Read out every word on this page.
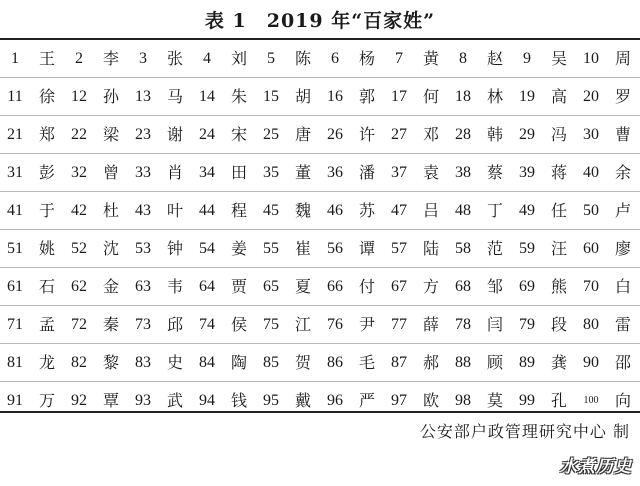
表 1　2019 年“百家姓”
1	王	2	李	3	张	4	刘	5	陈	6	杨	7	黄	8	赵	9	吴	10	周
11	徐	12	孙	13	马	14	朱	15	胡	16	郭	17	何	18	林	19	高	20	罗
21	郑	22	梁	23	谢	24	宋	25	唐	26	许	27	邓	28	韩	29	冯	30	曹
31	彭	32	曾	33	肖	34	田	35	董	36	潘	37	袁	38	蔡	39	蒋	40	余
41	于	42	杜	43	叶	44	程	45	魏	46	苏	47	吕	48	丁	49	任	50	卢
51	姚	52	沈	53	钟	54	姜	55	崔	56	谭	57	陆	58	范	59	汪	60	廖
61	石	62	金	63	韦	64	贾	65	夏	66	付	67	方	68	邹	69	熊	70	白
71	孟	72	秦	73	邱	74	侯	75	江	76	尹	77	薛	78	闫	79	段	80	雷
81	龙	82	黎	83	史	84	陶	85	贺	86	毛	87	郝	88	顾	89	龚	90	邵
91	万	92	覃	93	武	94	钱	95	戴	96	严	97	欧	98	莫	99	孔	100	向
公安部户政管理研究中心 制
水煮历史
